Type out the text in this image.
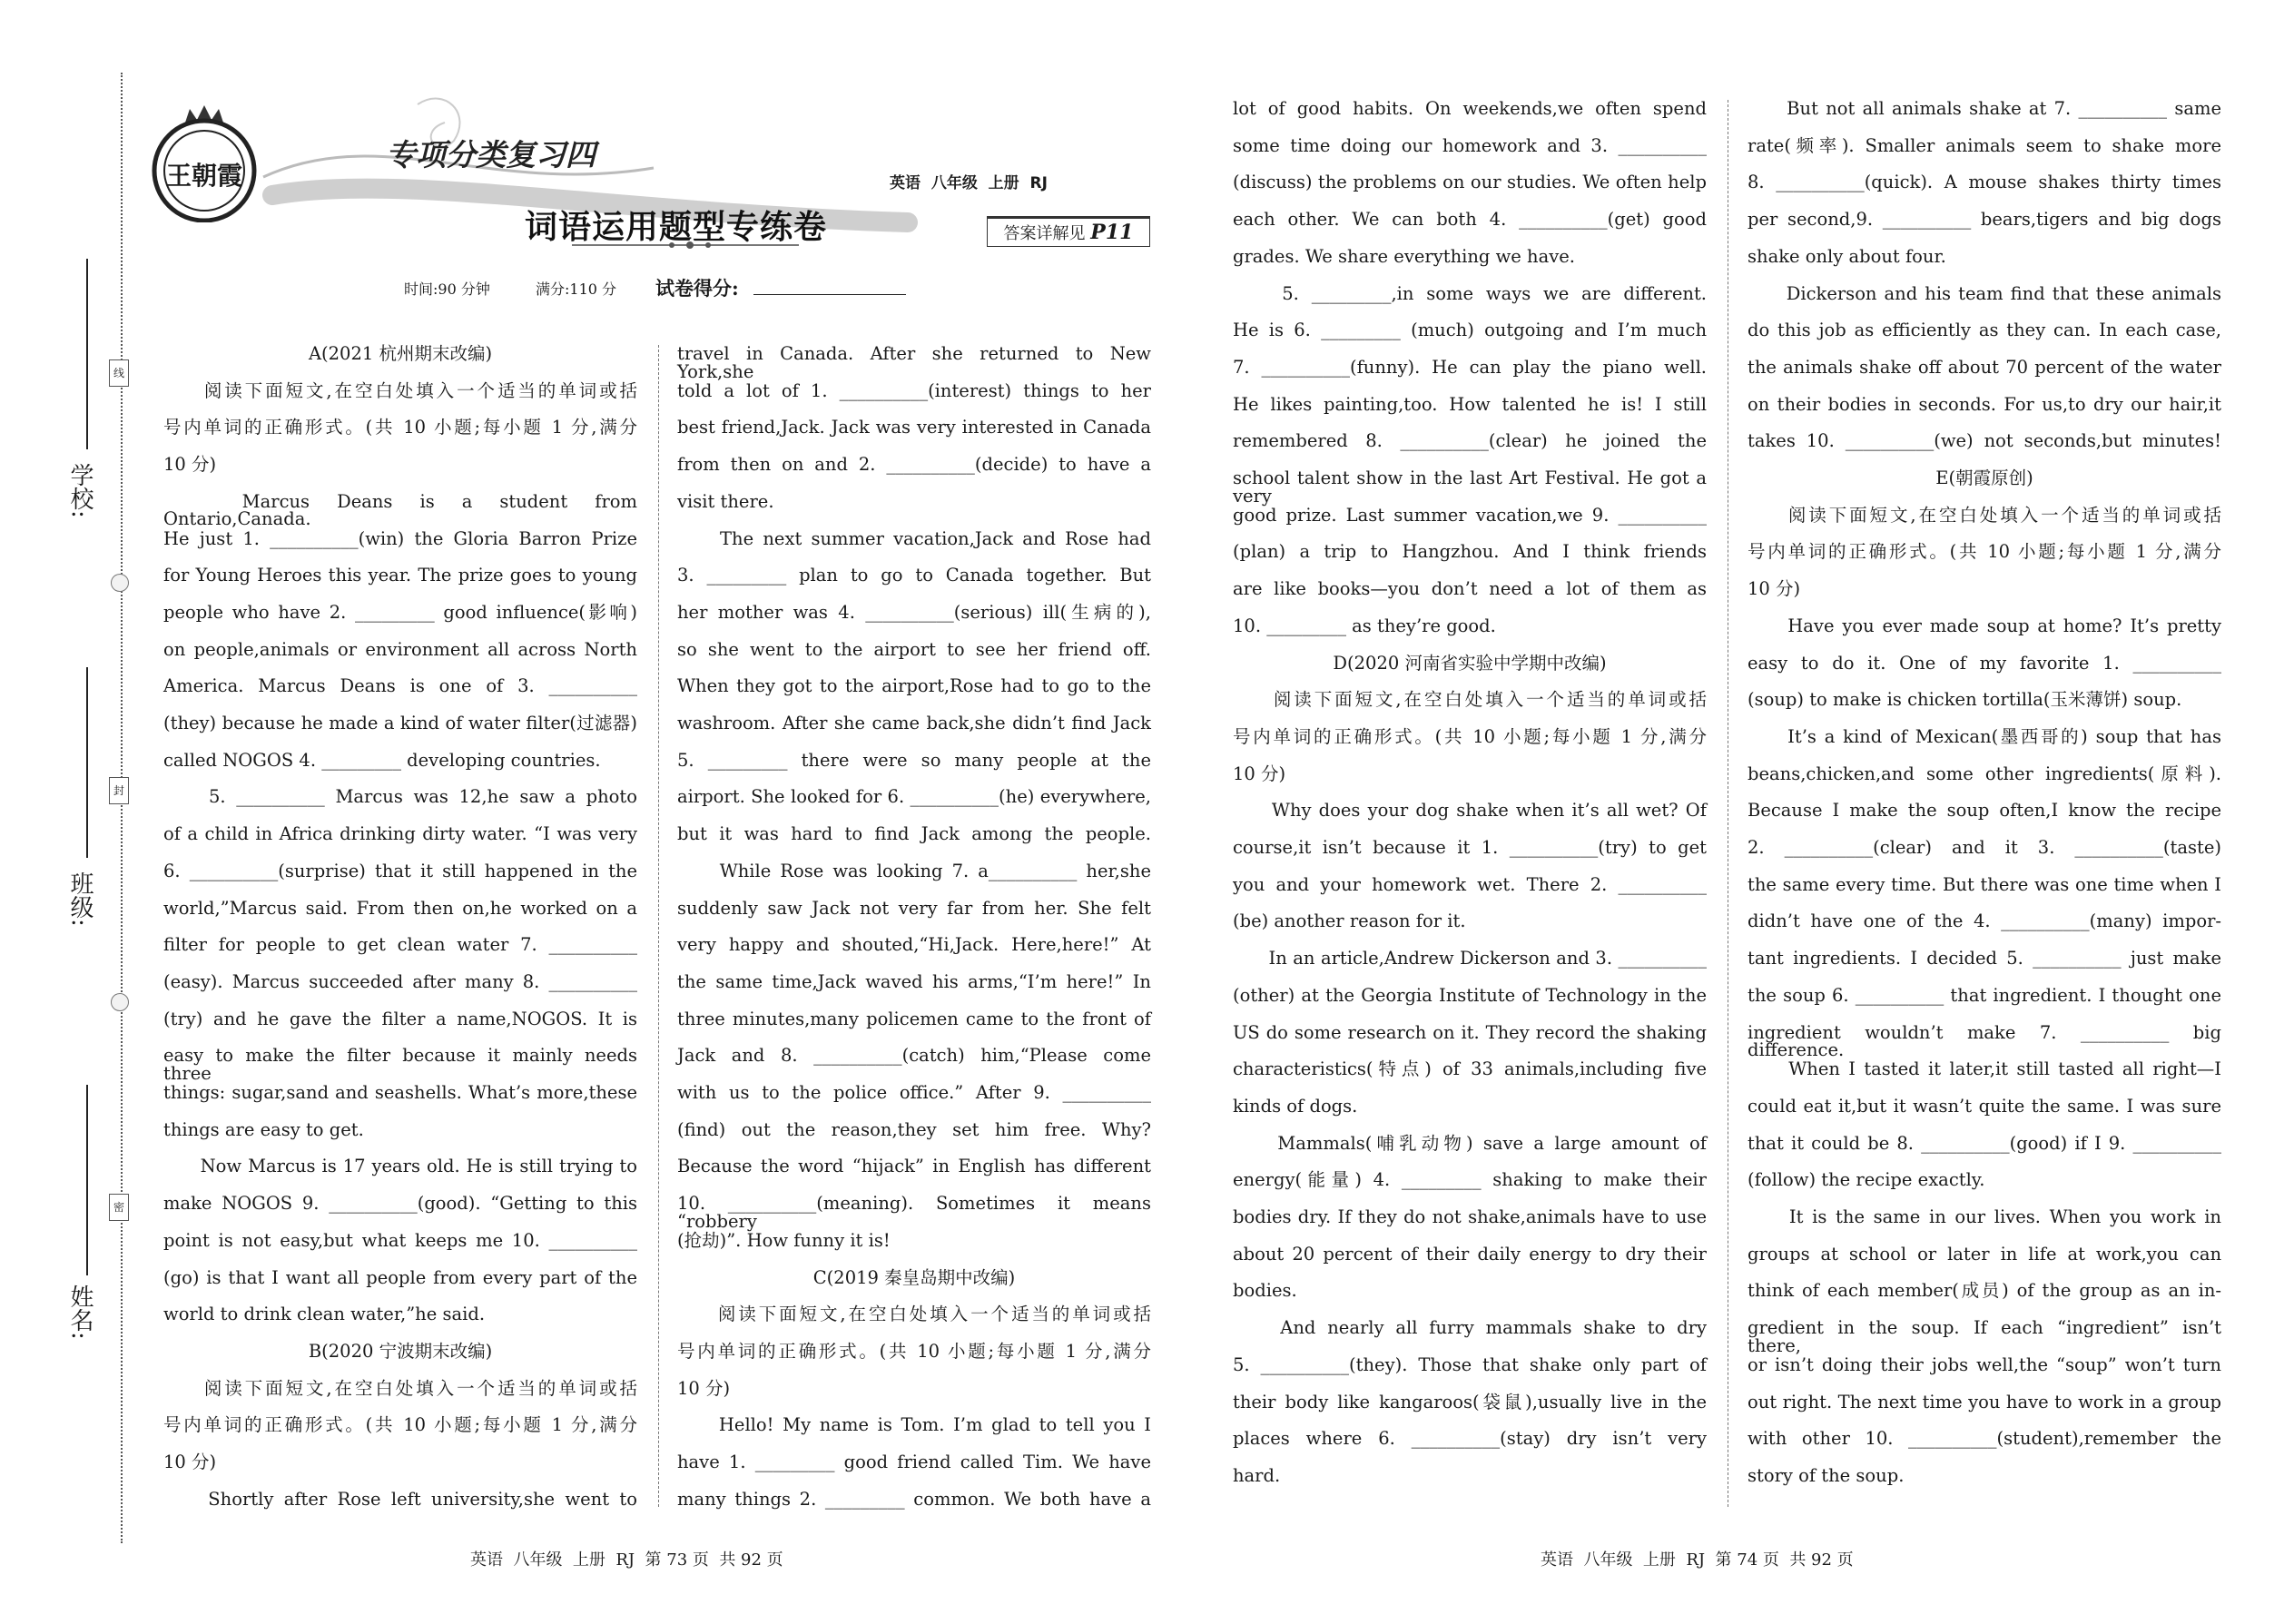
学校:
班级:
姓名:
线
封
密
王朝霞
专项分类复习四
词语运用题型专练卷
英语  八年级  上册  RJ
答案详解见 P11
时间:90 分钟	满分:110 分 试卷得分:
A(2021 杭州期末改编)
　　阅读下面短文,在空白处填入一个适当的单词或括
号内单词的正确形式。(共 10 小题;每小题 1 分,满分
10 分)
　　Marcus Deans is a student from Ontario,Canada.
He just 1. __________(win) the Gloria Barron Prize
for Young Heroes this year. The prize goes to young
people who have 2. _________ good influence(影响)
on people,animals or environment all across North
America. Marcus Deans is one of 3. __________
(they) because he made a kind of water filter(过滤器)
called NOGOS 4. _________ developing countries.
　　5. __________ Marcus was 12,he saw a photo
of a child in Africa drinking dirty water. “I was very
6. __________(surprise) that it still happened in the
world,”Marcus said. From then on,he worked on a
filter for people to get clean water 7. __________
(easy). Marcus succeeded after many 8. __________
(try) and he gave the filter a name,NOGOS. It is
easy to make the filter because it mainly needs three
things: sugar,sand and seashells. What’s more,these
things are easy to get.
　　Now Marcus is 17 years old. He is still trying to
make NOGOS 9. __________(good). “Getting to this
point is not easy,but what keeps me 10. __________
(go) is that I want all people from every part of the
world to drink clean water,”he said.
B(2020 宁波期末改编)
　　阅读下面短文,在空白处填入一个适当的单词或括
号内单词的正确形式。(共 10 小题;每小题 1 分,满分
10 分)
　　Shortly after Rose left university,she went to
travel in Canada. After she returned to New York,she
told a lot of 1. __________(interest) things to her
best friend,Jack. Jack was very interested in Canada
from then on and 2. __________(decide) to have a
visit there.
　　The next summer vacation,Jack and Rose had
3. _________ plan to go to Canada together. But
her mother was 4. __________(serious) ill(生病的),
so she went to the airport to see her friend off.
When they got to the airport,Rose had to go to the
washroom. After she came back,she didn’t find Jack
5. _________ there were so many people at the
airport. She looked for 6. __________(he) everywhere,
but it was hard to find Jack among the people.
　　While Rose was looking 7. a__________ her,she
suddenly saw Jack not very far from her. She felt
very happy and shouted,“Hi,Jack. Here,here!” At
the same time,Jack waved his arms,“I’m here!” In
three minutes,many policemen came to the front of
Jack and 8. __________(catch) him,“Please come
with us to the police office.” After 9. __________
(find) out the reason,they set him free. Why?
Because the word “hijack” in English has different
10. __________(meaning). Sometimes it means “robbery
(抢劫)”. How funny it is!
C(2019 秦皇岛期中改编)
　　阅读下面短文,在空白处填入一个适当的单词或括
号内单词的正确形式。(共 10 小题;每小题 1 分,满分
10 分)
　　Hello! My name is Tom. I’m glad to tell you I
have 1. _________ good friend called Tim. We have
many things 2. _________ common. We both have a
lot of good habits. On weekends,we often spend
some time doing our homework and 3. __________
(discuss) the problems on our studies. We often help
each other. We can both 4. __________(get) good
grades. We share everything we have.
　　5. _________,in some ways we are different.
He is 6. _________ (much) outgoing and I’m much
7. __________(funny). He can play the piano well.
He likes painting,too. How talented he is! I still
remembered 8. __________(clear) he joined the
school talent show in the last Art Festival. He got a very
good prize. Last summer vacation,we 9. __________
(plan) a trip to Hangzhou. And I think friends
are like books—you don’t need a lot of them as
10. _________ as they’re good.
D(2020 河南省实验中学期中改编)
　　阅读下面短文,在空白处填入一个适当的单词或括
号内单词的正确形式。(共 10 小题;每小题 1 分,满分
10 分)
　　Why does your dog shake when it’s all wet? Of
course,it isn’t because it 1. __________(try) to get
you and your homework wet. There 2. __________
(be) another reason for it.
　　In an article,Andrew Dickerson and 3. __________
(other) at the Georgia Institute of Technology in the
US do some research on it. They record the shaking
characteristics(特点) of 33 animals,including five
kinds of dogs.
　　Mammals(哺乳动物) save a large amount of
energy(能量) 4. _________ shaking to make their
bodies dry. If they do not shake,animals have to use
about 20 percent of their daily energy to dry their
bodies.
　　And nearly all furry mammals shake to dry
5. __________(they). Those that shake only part of
their body like kangaroos(袋鼠),usually live in the
places where 6. __________(stay) dry isn’t very
hard.
　　But not all animals shake at 7. __________ same
rate(频率). Smaller animals seem to shake more
8. __________(quick). A mouse shakes thirty times
per second,9. __________ bears,tigers and big dogs
shake only about four.
　　Dickerson and his team find that these animals
do this job as efficiently as they can. In each case,
the animals shake off about 70 percent of the water
on their bodies in seconds. For us,to dry our hair,it
takes 10. __________(we) not seconds,but minutes!
E(朝霞原创)
　　阅读下面短文,在空白处填入一个适当的单词或括
号内单词的正确形式。(共 10 小题;每小题 1 分,满分
10 分)
　　Have you ever made soup at home? It’s pretty
easy to do it. One of my favorite 1. __________
(soup) to make is chicken tortilla(玉米薄饼) soup.
　　It’s a kind of Mexican(墨西哥的) soup that has
beans,chicken,and some other ingredients(原料).
Because I make the soup often,I know the recipe
2. __________(clear) and it 3. __________(taste)
the same every time. But there was one time when I
didn’t have one of the 4. __________(many) impor-
tant ingredients. I decided 5. __________ just make
the soup 6. __________ that ingredient. I thought one
ingredient wouldn’t make 7. __________ big difference.
　　When I tasted it later,it still tasted all right—I
could eat it,but it wasn’t quite the same. I was sure
that it could be 8. __________(good) if I 9. __________
(follow) the recipe exactly.
　　It is the same in our lives. When you work in
groups at school or later in life at work,you can
think of each member(成员) of the group as an in-
gredient in the soup. If each “ingredient” isn’t there,
or isn’t doing their jobs well,the “soup” won’t turn
out right. The next time you have to work in a group
with other 10. __________(student),remember the
story of the soup.
英语  八年级  上册  RJ  第 73 页  共 92 页	英语  八年级  上册  RJ  第 74 页  共 92 页
